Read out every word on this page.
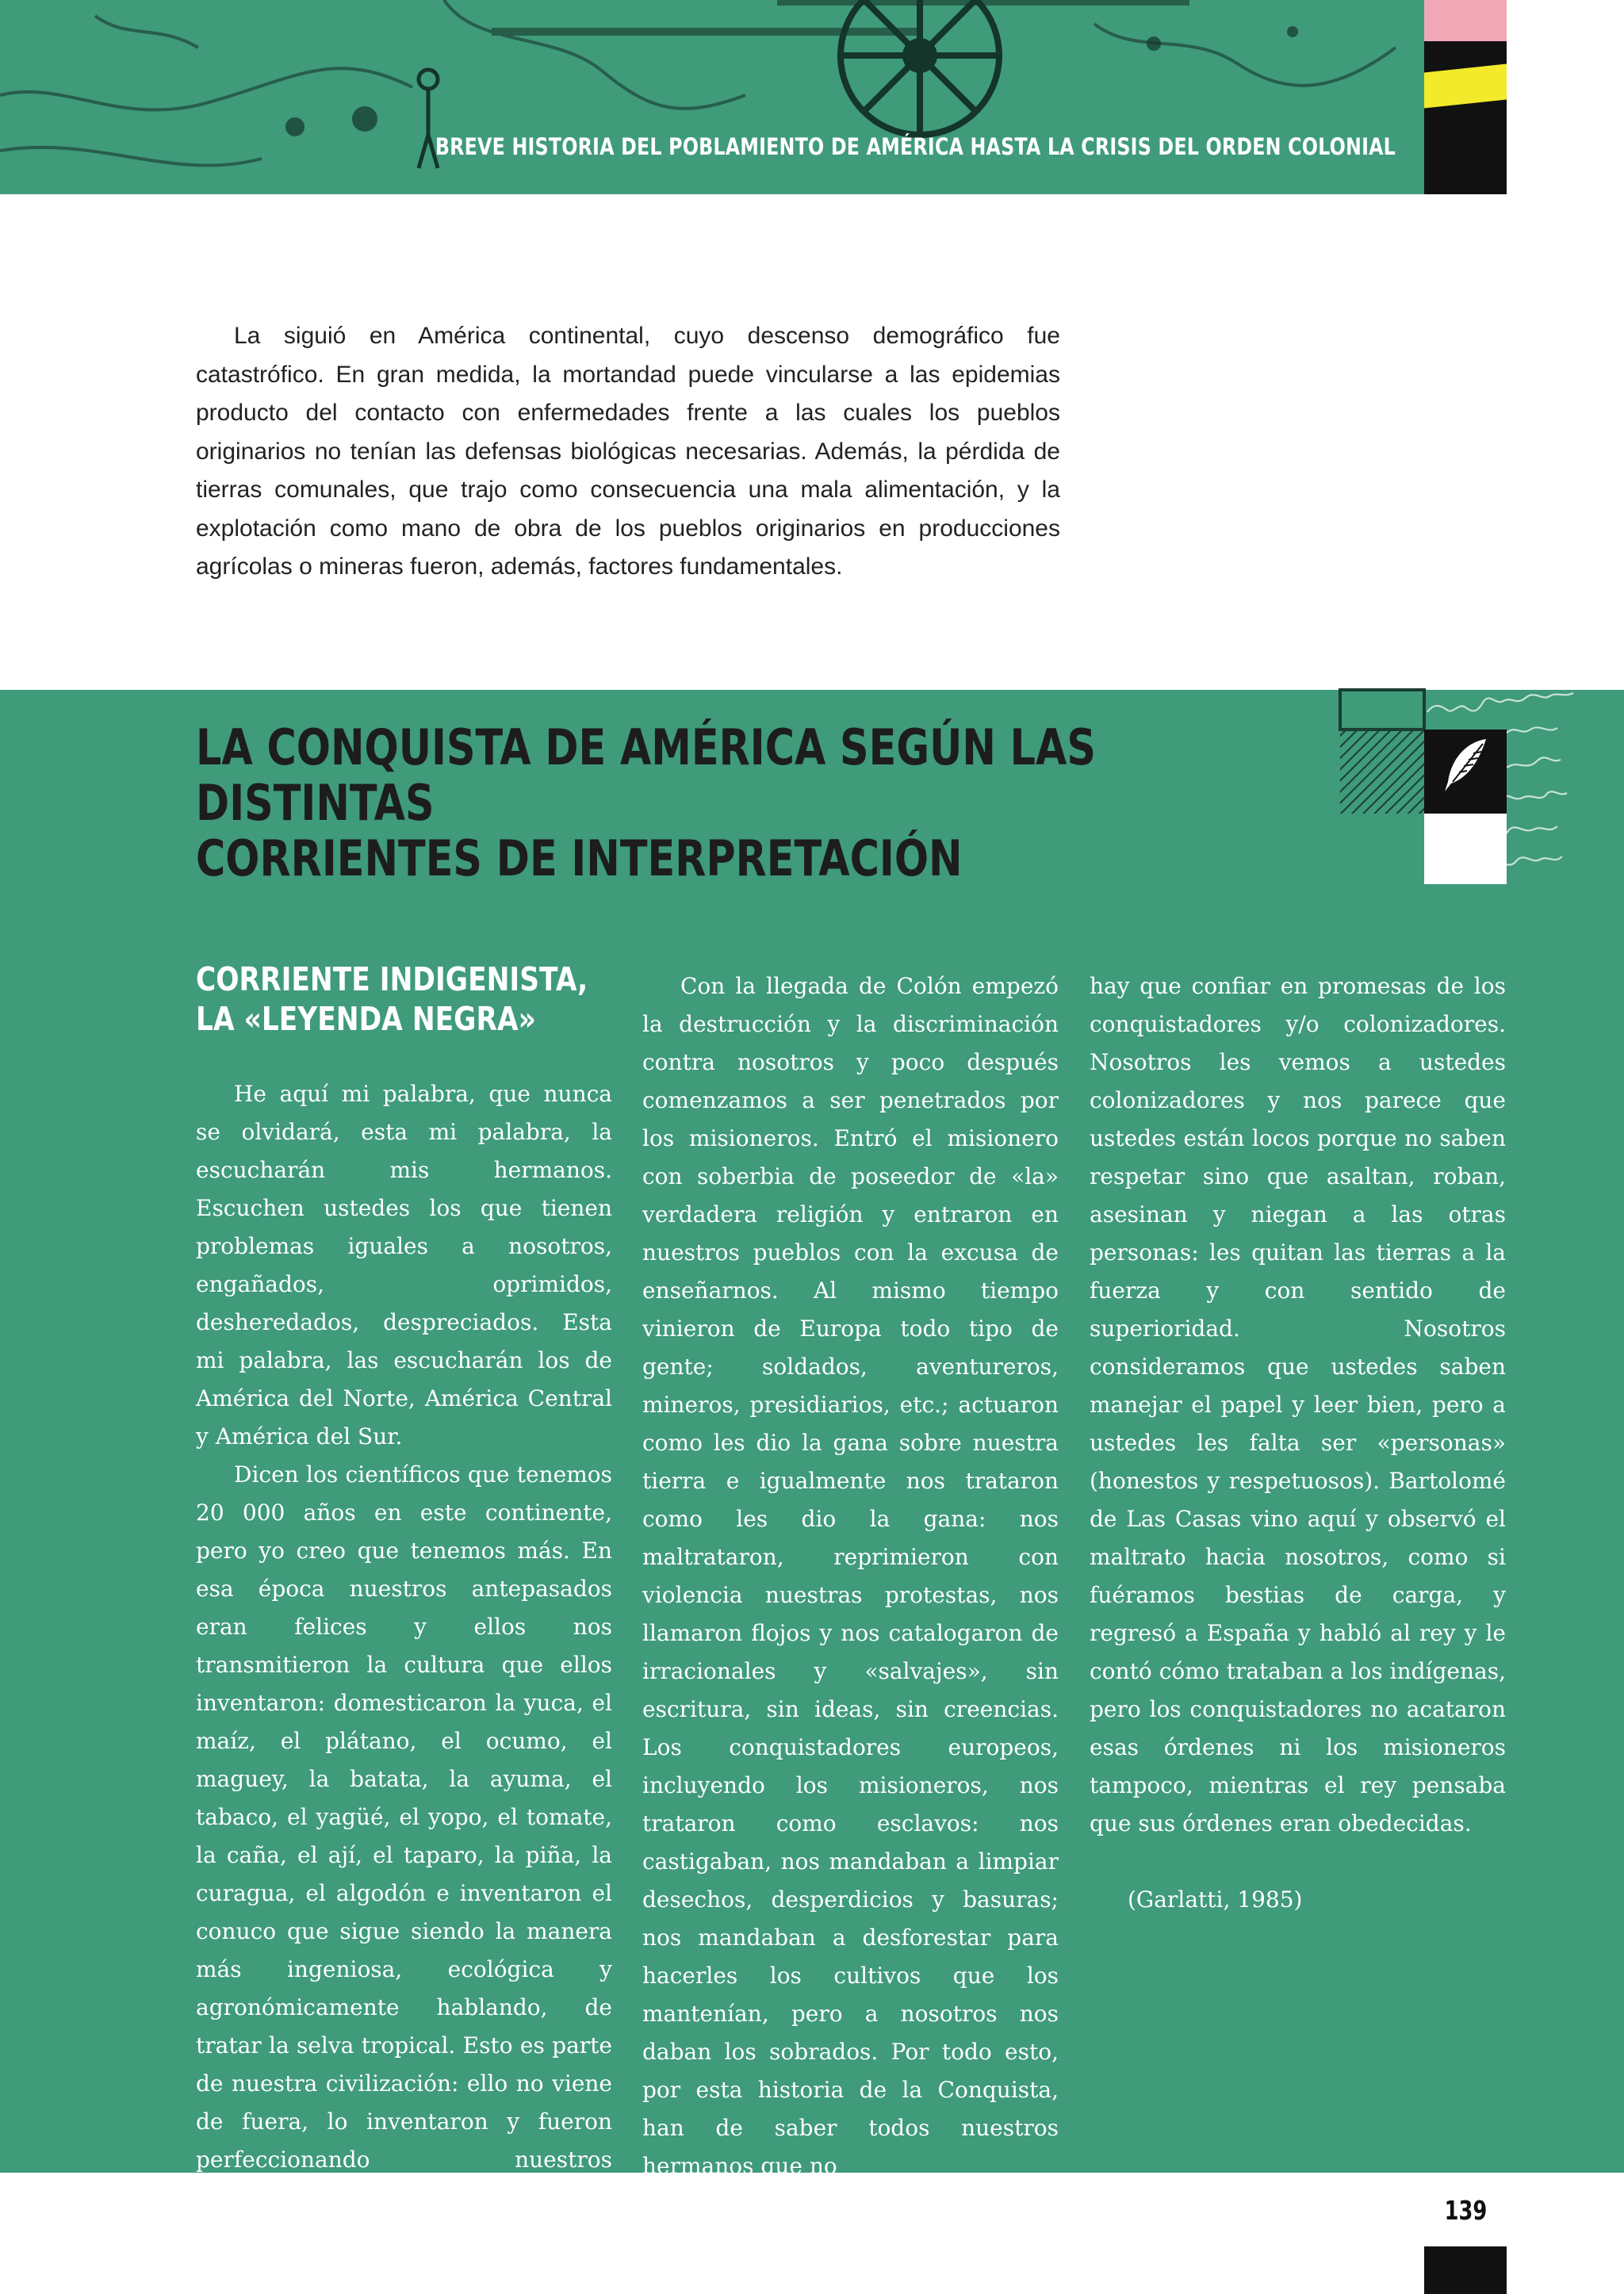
BREVE HISTORIA DEL POBLAMIENTO DE AMÉRICA HASTA LA CRISIS DEL ORDEN COLONIAL

La siguió en América continental, cuyo descenso demográfico fue catastrófico. En gran medida, la mortandad puede vincularse a las epidemias producto del contacto con enfermedades frente a las cuales los pueblos originarios no tenían las defensas biológicas necesarias. Además, la pérdida de tierras comunales, que trajo como consecuencia una mala alimentación, y la explotación como mano de obra de los pueblos originarios en producciones agrícolas o mineras fueron, además, factores fundamentales.

LA CONQUISTA DE AMÉRICA SEGÚN LAS DISTINTAS
CORRIENTES DE INTERPRETACIÓN
CORRIENTE INDIGENISTA,
LA «LEYENDA NEGRA»

He aquí mi palabra, que nunca se olvidará, esta mi palabra, la escucharán mis hermanos. Escuchen ustedes los que tienen problemas iguales a nosotros, engañados, oprimidos, desheredados, despreciados. Esta mi palabra, las escucharán los de América del Norte, América Central y América del Sur.

Dicen los científicos que tenemos 20 000 años en este continente, pero yo creo que tenemos más. En esa época nuestros antepasados eran felices y ellos nos transmitieron la cultura que ellos inventaron: domesticaron la yuca, el maíz, el plátano, el ocumo, el maguey, la batata, la ayuma, el tabaco, el yagüé, el yopo, el tomate, la caña, el ají, el taparo, la piña, la curagua, el algodón e inventaron el conuco que sigue siendo la manera más ingeniosa, ecológica y agronómicamente hablando, de tratar la selva tropical. Esto es parte de nuestra civilización: ello no viene de fuera, lo inventaron y fueron perfeccionando nuestros antepasados.

Con la llegada de Colón empezó la destrucción y la discriminación contra nosotros y poco después comenzamos a ser penetrados por los misioneros. Entró el misionero con soberbia de poseedor de «la» verdadera religión y entraron en nuestros pueblos con la excusa de enseñarnos. Al mismo tiempo vinieron de Europa todo tipo de gente; soldados, aventureros, mineros, presidiarios, etc.; actuaron como les dio la gana sobre nuestra tierra e igualmente nos trataron como les dio la gana: nos maltrataron, reprimieron con violencia nuestras protestas, nos llamaron flojos y nos catalogaron de irracionales y «salvajes», sin escritura, sin ideas, sin creencias. Los conquistadores europeos, incluyendo los misioneros, nos trataron como esclavos: nos castigaban, nos mandaban a limpiar desechos, desperdicios y basuras; nos mandaban a desforestar para hacerles los cultivos que los mantenían, pero a nosotros nos daban los sobrados. Por todo esto, por esta historia de la Conquista, han de saber todos nuestros hermanos que no

hay que confiar en promesas de los conquistadores y/o colonizadores. Nosotros les vemos a ustedes colonizadores y nos parece que ustedes están locos porque no saben respetar sino que asaltan, roban, asesinan y niegan a las otras personas: les quitan las tierras a la fuerza y con sentido de superioridad. Nosotros consideramos que ustedes saben manejar el papel y leer bien, pero a ustedes les falta ser «personas» (honestos y respetuosos). Bartolomé de Las Casas vino aquí y observó el maltrato hacia nosotros, como si fuéramos bestias de carga, y regresó a España y habló al rey y le contó cómo trataban a los indígenas, pero los conquistadores no acataron esas órdenes ni los misioneros tampoco, mientras el rey pensaba que sus órdenes eran obedecidas.

(Garlatti, 1985)

139
